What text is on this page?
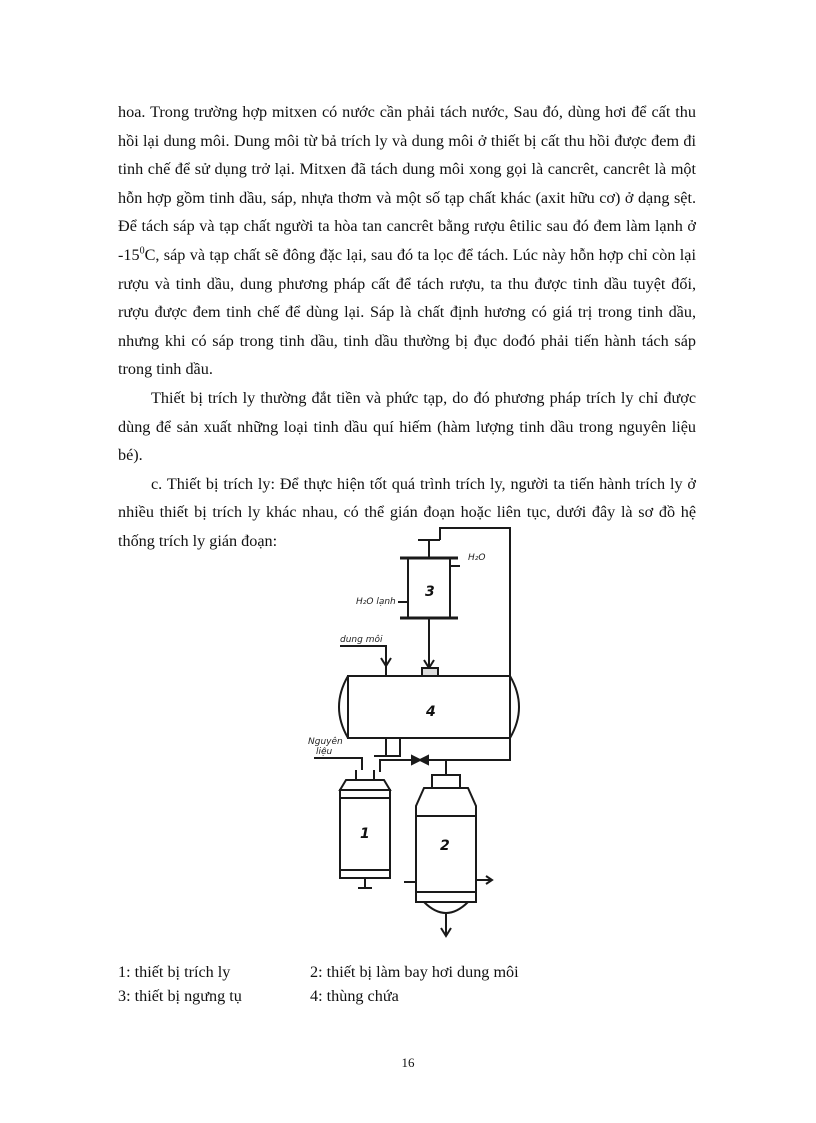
hoa. Trong trường hợp mitxen có nước cần phải tách nước, Sau đó, dùng hơi để cất thu hồi lại dung môi. Dung môi từ bả trích ly và dung môi ở thiết bị cất thu hồi được đem đi tinh chế để sử dụng trở lại. Mitxen đã tách dung môi xong gọi là cancrêt, cancrêt là một hỗn hợp gồm tinh dầu, sáp, nhựa thơm và một số tạp chất khác (axit hữu cơ) ở dạng sệt. Để tách sáp và tạp chất người ta hòa tan cancrêt bằng rượu êtilic sau đó đem làm lạnh ở $-15^0C$, sáp và tạp chất sẽ đông đặc lại, sau đó ta lọc để tách. Lúc này hỗn hợp chỉ còn lại rượu và tinh dầu, dung phương pháp cất để tách rượu, ta thu được tinh dầu tuyệt đối, rượu được đem tinh chế để dùng lại. Sáp là chất định hương có giá trị trong tinh dầu, nhưng khi có sáp trong tinh dầu, tinh dầu thường bị đục dođó phải tiến hành tách sáp trong tinh dầu.

Thiết bị trích ly thường đắt tiền và phức tạp, do đó phương pháp trích ly chỉ được dùng để sản xuất những loại tinh dầu quí hiếm (hàm lượng tinh dầu trong nguyên liệu bé).

c. Thiết bị trích ly: Để thực hiện tốt quá trình trích ly, người ta tiến hành trích ly ở nhiều thiết bị trích ly khác nhau, có thể gián đoạn hoặc liên tục, dưới đây là sơ đồ hệ thống trích ly gián đoạn:

3
4
1
2
H₂O
H₂O lạnh
dung môi
Nguyên
liệu
1: thiết bị trích ly	2: thiết bị làm bay hơi dung môi
3: thiết bị ngưng tụ	4: thùng chứa
16
